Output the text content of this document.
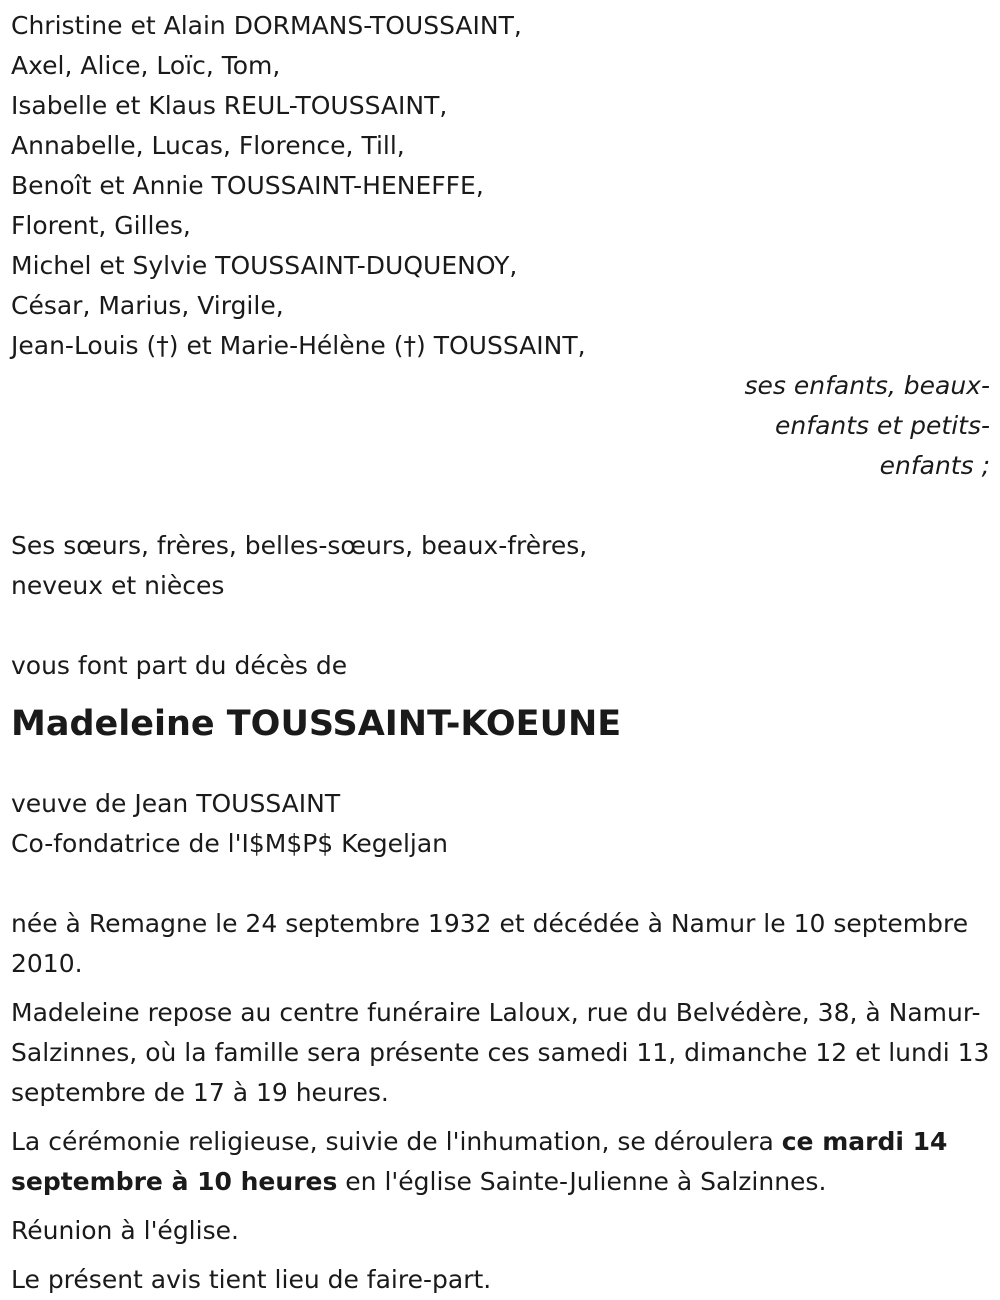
Christine et Alain DORMANS-TOUSSAINT,
Axel, Alice, Loïc, Tom,
Isabelle et Klaus REUL-TOUSSAINT,
Annabelle, Lucas, Florence, Till,
Benoît et Annie TOUSSAINT-HENEFFE,
Florent, Gilles,
Michel et Sylvie TOUSSAINT-DUQUENOY,
César, Marius, Virgile,
Jean-Louis (†) et Marie-Hélène (†) TOUSSAINT,
ses enfants, beaux-
enfants et petits-
enfants ;
Ses sœurs, frères, belles-sœurs, beaux-frères,
neveux et nièces
vous font part du décès de
Madeleine TOUSSAINT-KOEUNE
veuve de Jean TOUSSAINT
Co-fondatrice de l'I$M$P$ Kegeljan

née à Remagne le 24 septembre 1932 et décédée à Namur le 10 septembre 2010.

Madeleine repose au centre funéraire Laloux, rue du Belvédère, 38, à Namur-Salzinnes, où la famille sera présente ces samedi 11, dimanche 12 et lundi 13 septembre de 17 à 19 heures.

La cérémonie religieuse, suivie de l'inhumation, se déroulera ce mardi 14 septembre à 10 heures en l'église Sainte-Julienne à Salzinnes.

Réunion à l'église.

Le présent avis tient lieu de faire-part.
